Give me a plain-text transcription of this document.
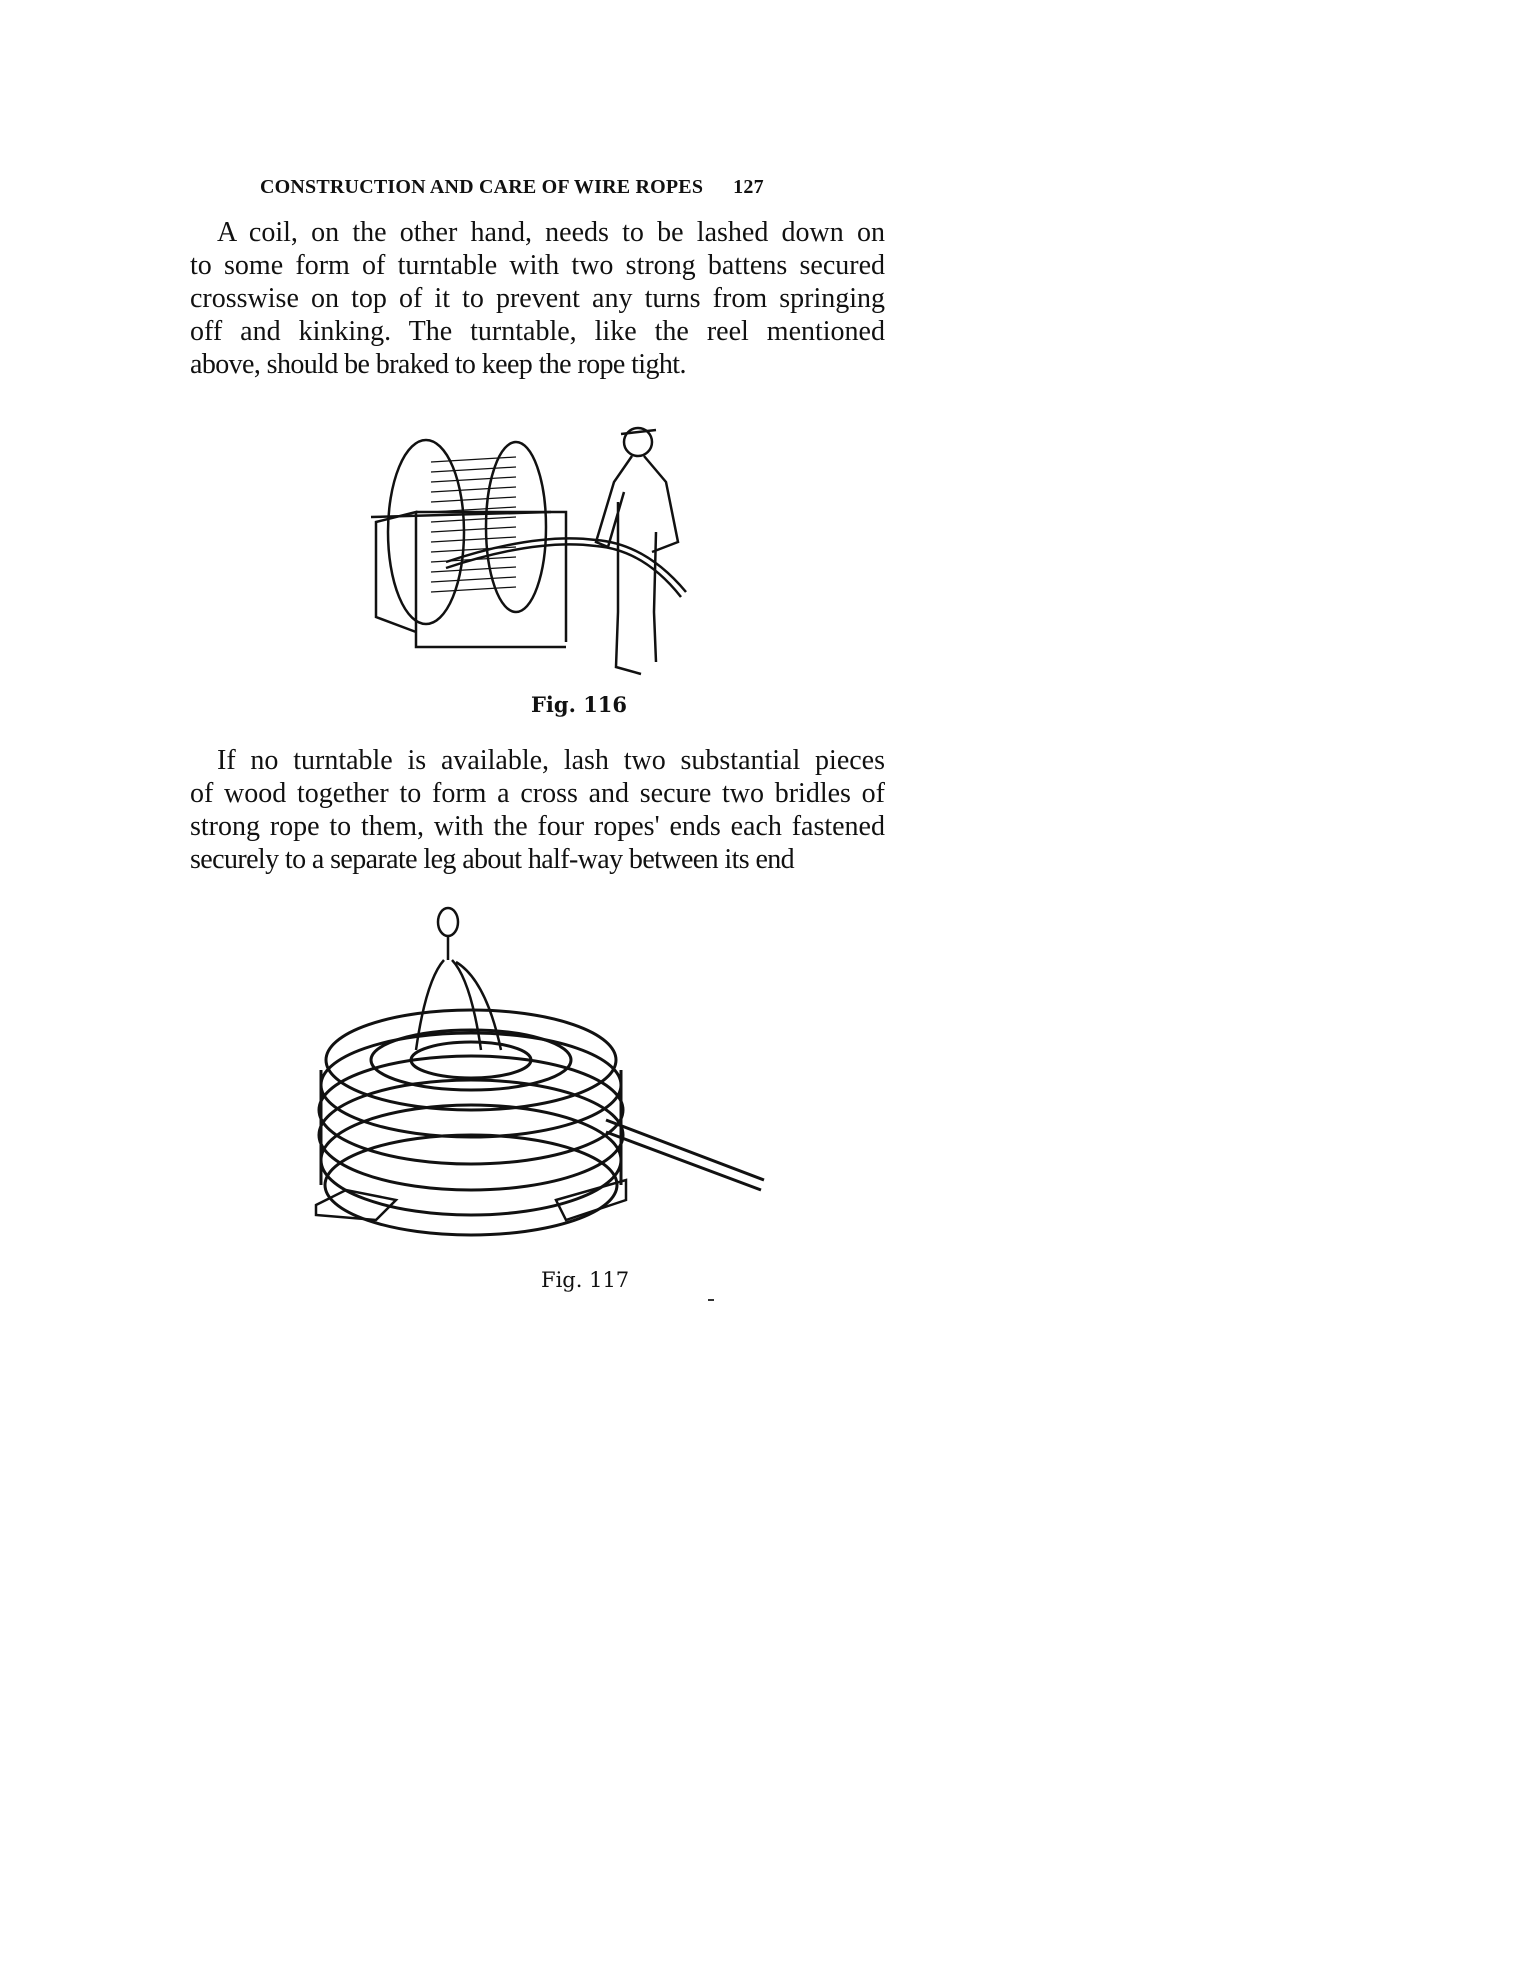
CONSTRUCTION AND CARE OF WIRE ROPES 127
A coil, on the other hand, needs to be lashed down on
to some form of turntable with two strong battens secured
crosswise on top of it to prevent any turns from springing
off and kinking. The turntable, like the reel mentioned
above, should be braked to keep the rope tight.
Fig. 116
If no turntable is available, lash two substantial pieces
of wood together to form a cross and secure two bridles of
strong rope to them, with the four ropes' ends each fastened
securely to a separate leg about half-way between its end
Fig. 117
